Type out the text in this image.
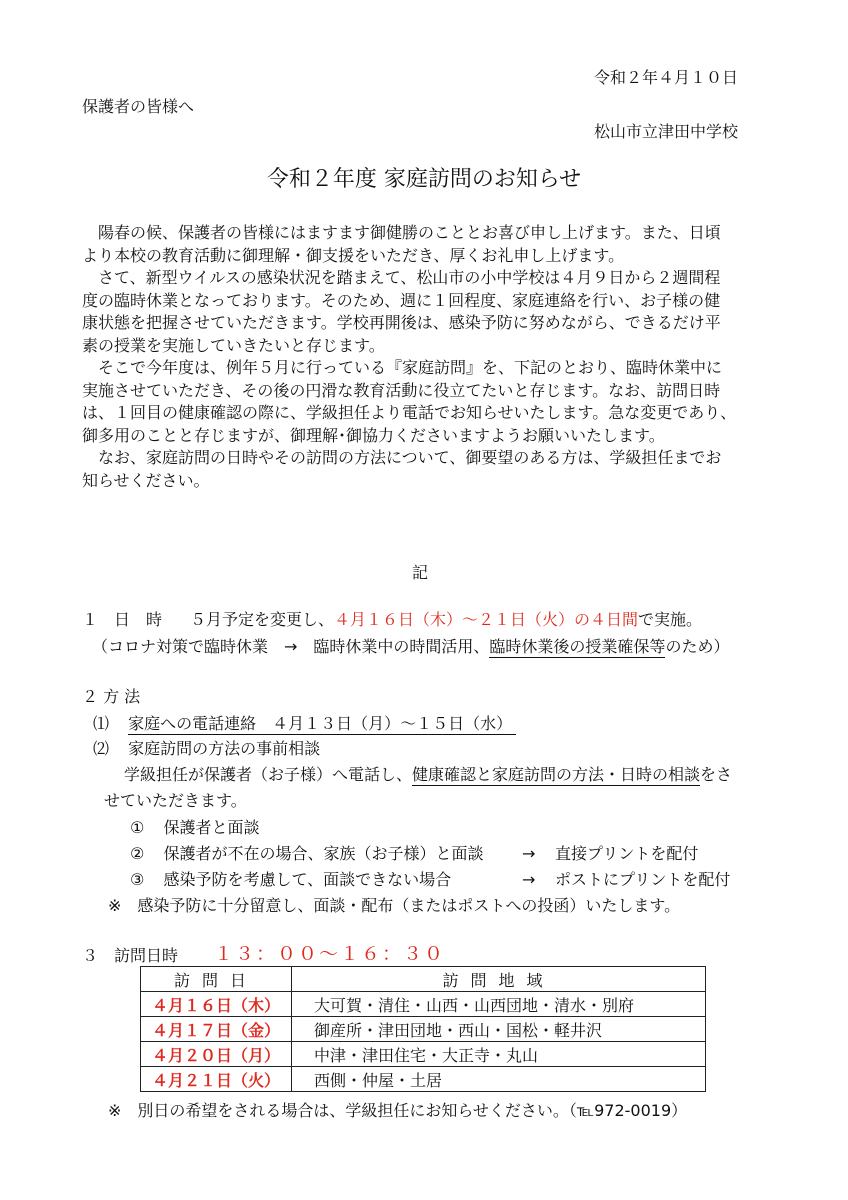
令和２年４月１０日
保護者の皆様へ
松山市立津田中学校
令和２年度 家庭訪問のお知らせ

　陽春の候、保護者の皆様にはますます御健勝のこととお喜び申し上げます。また、日頃

より本校の教育活動に御理解・御支援をいただき、厚くお礼申し上げます。

　さて、新型ウイルスの感染状況を踏まえて、松山市の小中学校は４月９日から２週間程

度の臨時休業となっております。そのため、週に１回程度、家庭連絡を行い、お子様の健

康状態を把握させていただきます。学校再開後は、感染予防に努めながら、できるだけ平

素の授業を実施していきたいと存じます。

　そこで今年度は、例年５月に行っている『家庭訪問』を、下記のとおり、臨時休業中に

実施させていただき、その後の円滑な教育活動に役立てたいと存じます。なお、訪問日時

は、１回目の健康確認の際に、学級担任より電話でお知らせいたします。急な変更であり、

御多用のことと存じますが、御理解･御協力くださいますようお願いいたします。

　なお、家庭訪問の日時やその訪問の方法について、御要望のある方は、学級担任までお

知らせください。

記
１　日　時 ５月予定を変更し、４月１６日（木）～２１日（火）の４日間で実施。
（コロナ対策で臨時休業　→　臨時休業中の時間活用、臨時休業後の授業確保等のため）
２ 方 法
⑴ 家庭への電話連絡　４月１３日（月）～１５日（水）
⑵ 家庭訪問の方法の事前相談
学級担任が保護者（お子様）へ電話し、健康確認と家庭訪問の方法・日時の相談をさ
せていただきます。
① 保護者と面談
② 保護者が不在の場合、家族（お子様）と面談 → 直接プリントを配付
③ 感染予防を考慮して、面談できない場合	→ ポストにプリントを配付
※　感染予防に十分留意し、面談・配布（またはポストへの投函）いたします。
３　訪問日時 １３：００～１６：３０
訪問日	訪問地域
４月１６日（木）	大可賀・清住・山西・山西団地・清水・別府
４月１７日（金）	御産所・津田団地・西山・国松・軽井沢
４月２０日（月）	中津・津田住宅・大正寺・丸山
４月２１日（火）	西側・仲屋・土居
※　別日の希望をされる場合は、学級担任にお知らせください。（℡972-0019）
